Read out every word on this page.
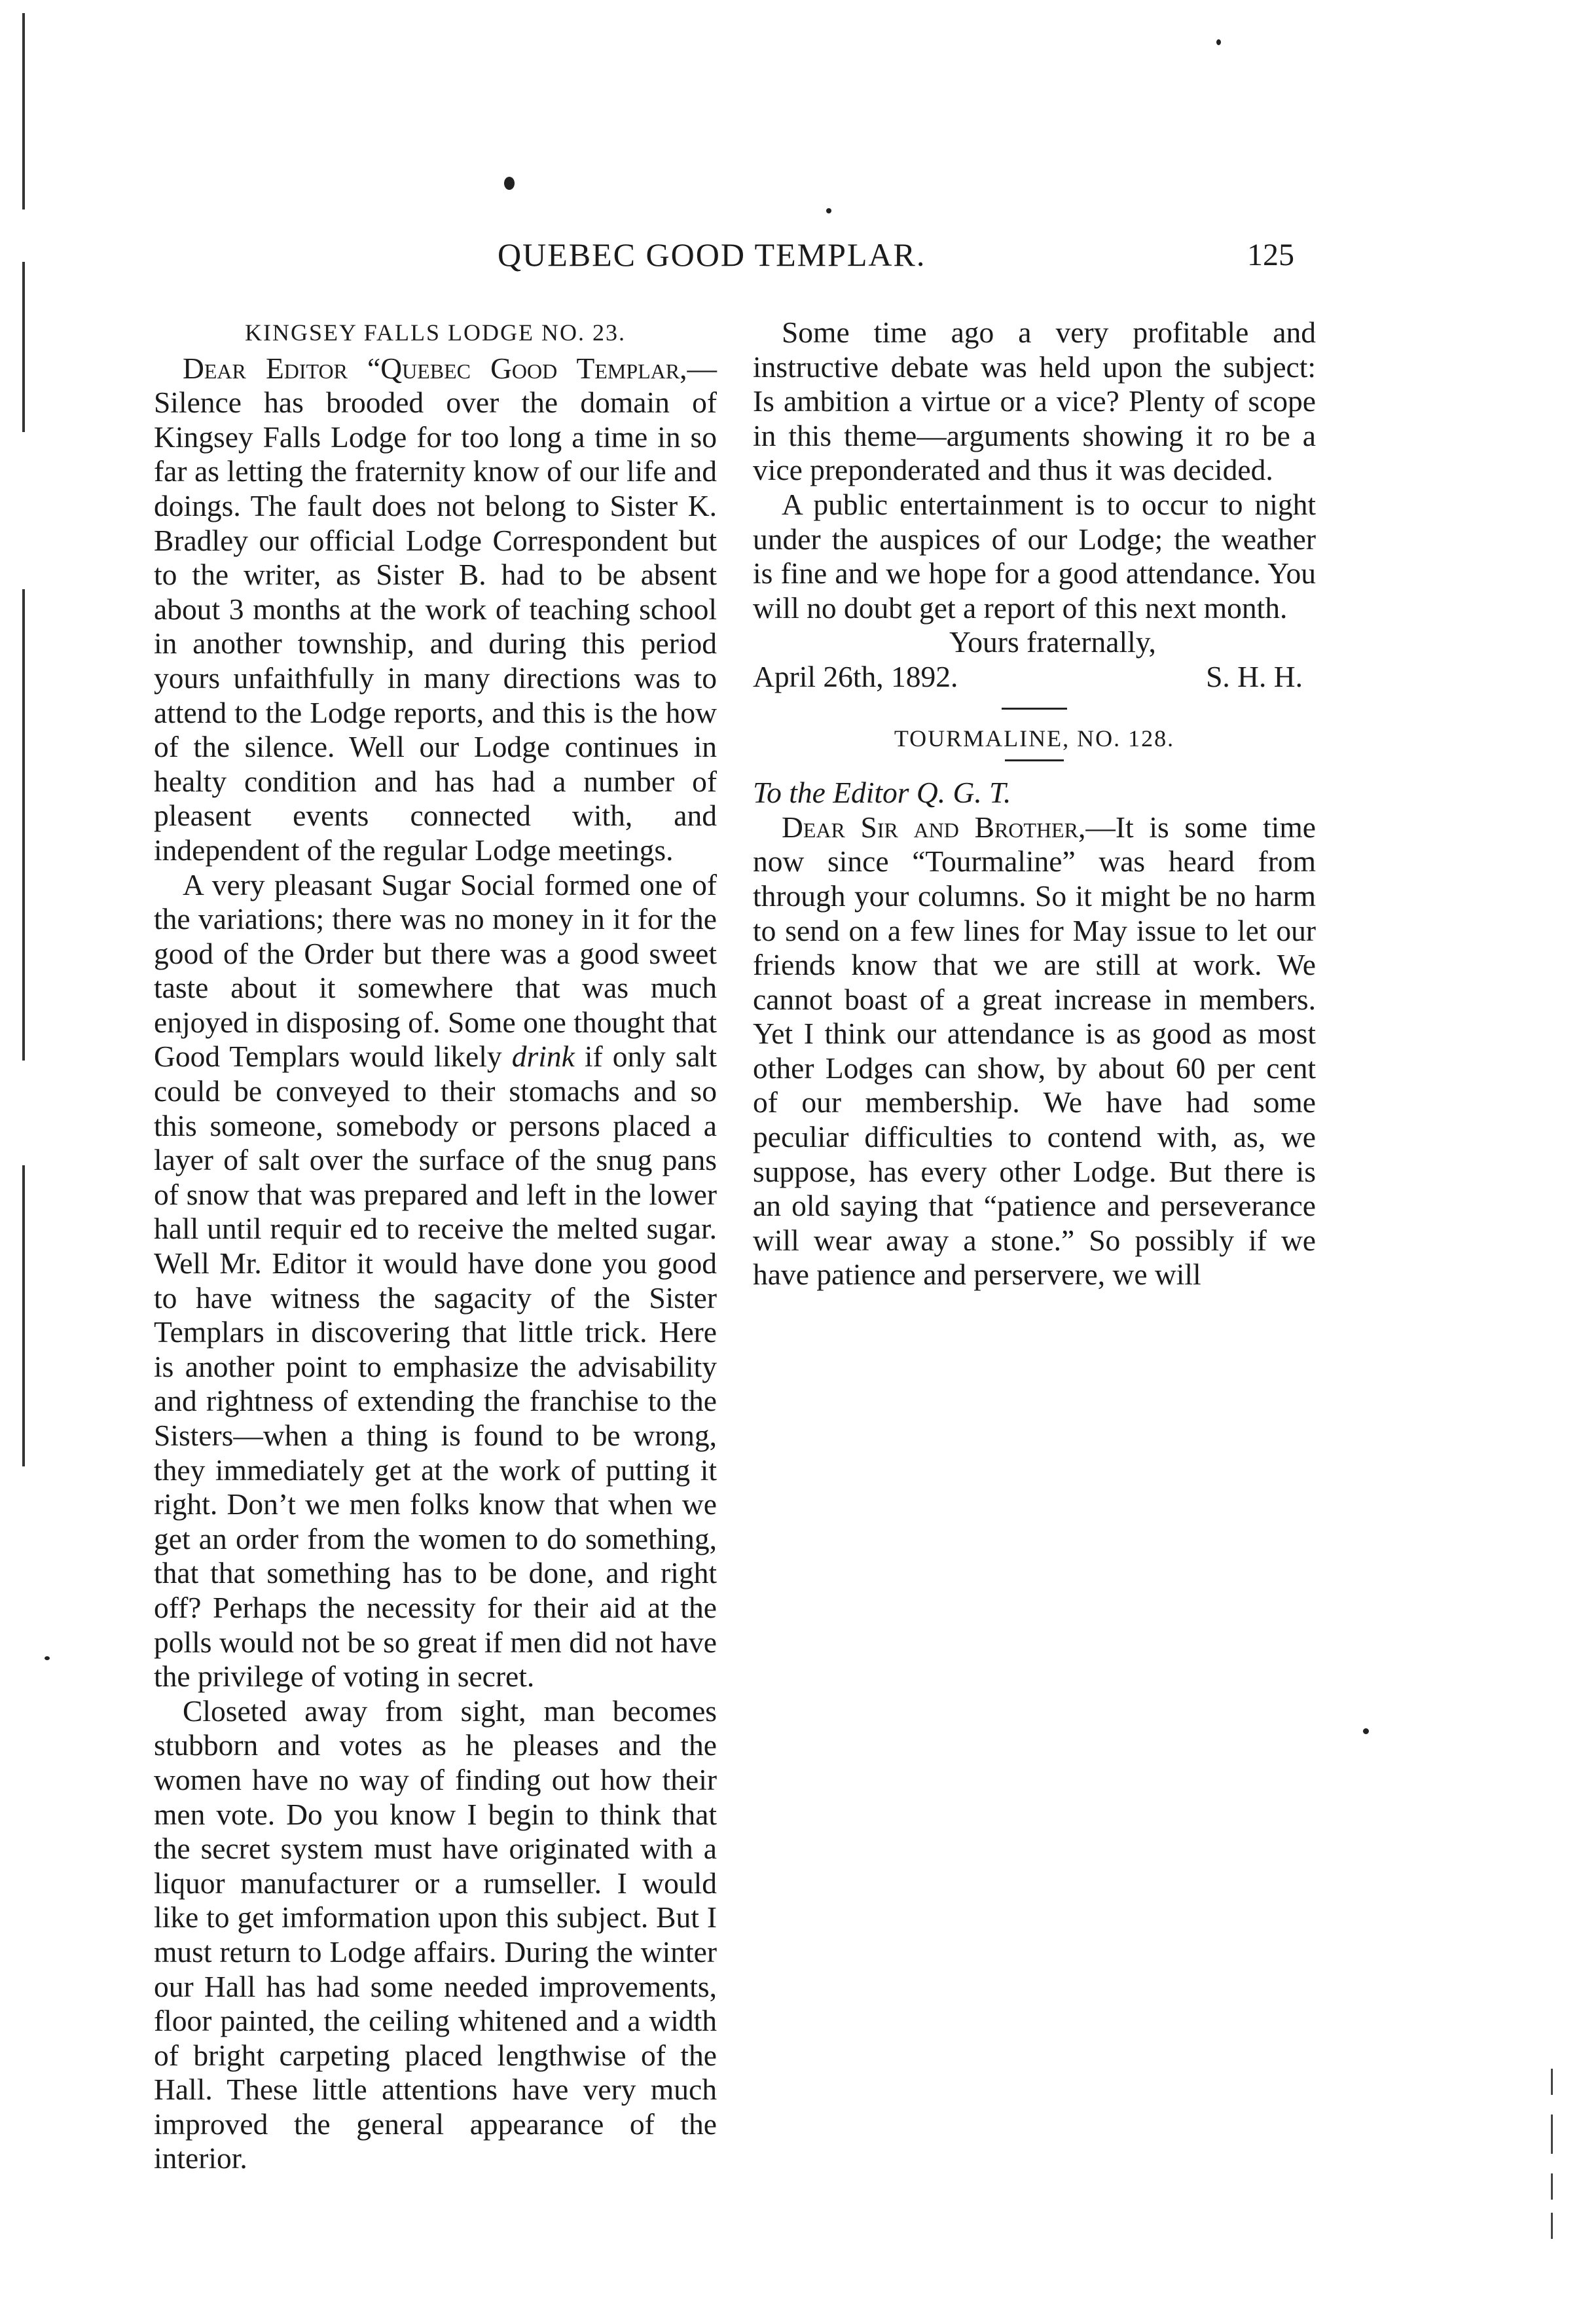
QUEBEC GOOD TEMPLAR.	125
KINGSEY FALLS LODGE NO. 23.

Dear Editor “Quebec Good Templar,—Silence has brooded over the domain of Kingsey Falls Lodge for too long a time in so far as letting the fraternity know of our life and doings. The fault does not belong to Sister K. Bradley our official Lodge Correspondent but to the writer, as Sister B. had to be absent about 3 months at the work of teaching school in another township, and during this period yours unfaithfully in many directions was to attend to the Lodge reports, and this is the how of the silence. Well our Lodge continues in healty condition and has had a number of pleasent events connected with, and independent of the regular Lodge meetings.

A very pleasant Sugar Social formed one of the variations; there was no money in it for the good of the Order but there was a good sweet taste about it somewhere that was much enjoyed in disposing of. Some one thought that Good Templars would likely drink if only salt could be conveyed to their stomachs and so this someone, somebody or persons placed a layer of salt over the surface of the snug pans of snow that was prepared and left in the lower hall until requir ed to receive the melted sugar. Well Mr. Editor it would have done you good to have witness the sagacity of the Sister Templars in discovering that little trick. Here is another point to emphasize the advisability and rightness of extending the franchise to the Sisters—when a thing is found to be wrong, they immediately get at the work of putting it right. Don’t we men folks know that when we get an order from the women to do something, that that something has to be done, and right off? Perhaps the necessity for their aid at the polls would not be so great if men did not have the privilege of voting in secret.

Closeted away from sight, man becomes stubborn and votes as he pleases and the women have no way of finding out how their men vote. Do you know I begin to think that the secret system must have originated with a liquor manufacturer or a rumseller. I would like to get imformation upon this subject. But I must return to Lodge affairs. During the winter our Hall has had some needed improvements, floor painted, the ceiling whitened and a width of bright carpeting placed lengthwise of the Hall. These little attentions have very much improved the general appearance of the interior.

Some time ago a very profitable and instructive debate was held upon the subject: Is ambition a virtue or a vice? Plenty of scope in this theme—arguments showing it ro be a vice preponderated and thus it was decided.

A public entertainment is to occur to night under the auspices of our Lodge; the weather is fine and we hope for a good attendance. You will no doubt get a report of this next month.

Yours fraternally,
April 26th, 1892.	S. H. H.
TOURMALINE, NO. 128.

To the Editor Q. G. T.

Dear Sir and Brother,—It is some time now since “Tourmaline” was heard from through your columns. So it might be no harm to send on a few lines for May issue to let our friends know that we are still at work. We cannot boast of a great increase in members. Yet I think our attendance is as good as most other Lodges can show, by about 60 per cent of our membership. We have had some peculiar difficulties to contend with, as, we suppose, has every other Lodge. But there is an old saying that “patience and perseverance will wear away a stone.” So possibly if we have patience and perservere, we will
